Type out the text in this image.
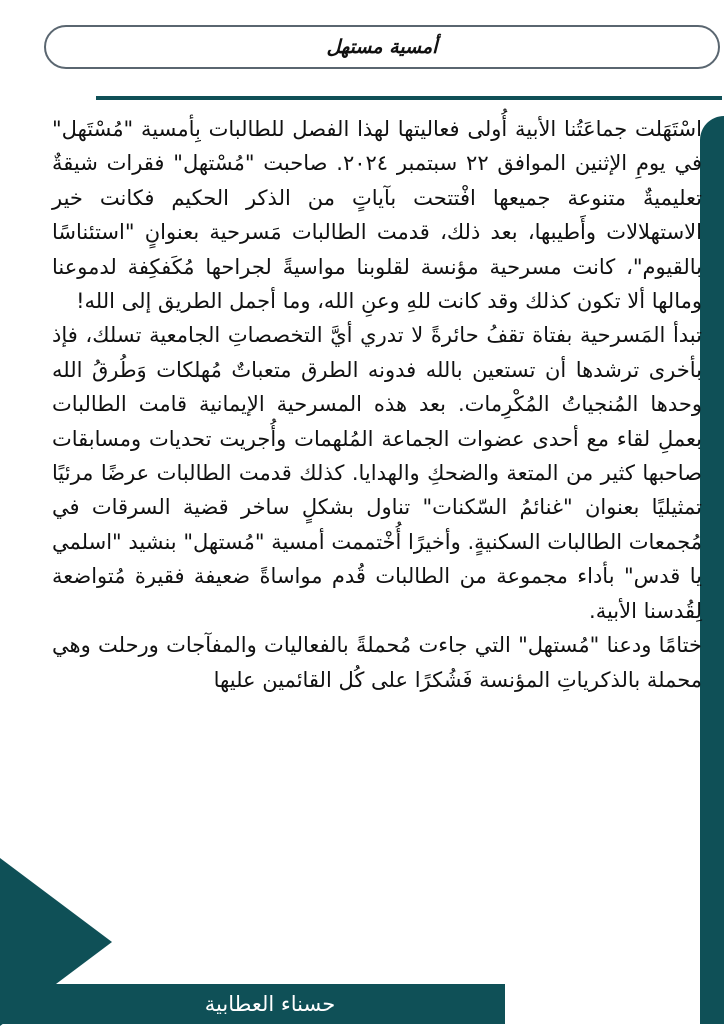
أمسية مستهل

اسْتَهَلت جماعَتُنا الأبية أُولى فعاليتها لهذا الفصل للطالبات بِأمسية "مُسْتَهل" في يومِ الإثنين الموافق ٢٢ سبتمبر ٢٠٢٤. صاحبت "مُسْتهل" فقرات شيقةٌ تعليميةٌ متنوعة جميعها افْتتحت بآياتٍ من الذكر الحكيم فكانت خير الاستهلالات وأَطيبها، بعد ذلك، قدمت الطالبات مَسرحية بعنوانٍ "استئناسًا بالقيوم"، كانت مسرحية مؤنسة لقلوبنا مواسيةً لجراحها مُكَفكِفة لدموعنا ومالها ألا تكون كذلك وقد كانت للهِ وعنِ الله، وما أجمل الطريق إلى الله!

تبدأ المَسرحية بفتاة تقفُ حائرةً لا تدري أيَّ التخصصاتِ الجامعية تسلك، فإذ بأخرى ترشدها أن تستعين بالله فدونه الطرق متعباتٌ مُهلكات وَطُرقُ الله وحدها المُنجياتُ المُكْرِمات. بعد هذه المسرحية الإيمانية قامت الطالبات بعملِ لقاء مع أحدى عضوات الجماعة المُلهمات وأُجريت تحديات ومسابقات صاحبها كثير من المتعة والضحكِ والهدايا. كذلك قدمت الطالبات عرضًا مرئيًا تمثيليًا بعنوان "غنائمُ السّكنات" تناول بشكلٍ ساخر قضية السرقات في مُجمعات الطالبات السكنيةٍ. وأخيرًا أُخْتممت أمسية "مُستهل" بنشيد "اسلمي يا قدس" بأداء مجموعة من الطالبات قُدم مواساةً ضعيفة فقيرة مُتواضعة لِقُدسنا الأبية.

ختامًا ودعنا "مُستهل" التي جاءت مُحملةً بالفعاليات والمفآجات ورحلت وهي محملة بالذكرياتِ المؤنسة فَشُكرًا على كُل القائمين عليها

حسناء العطابية
